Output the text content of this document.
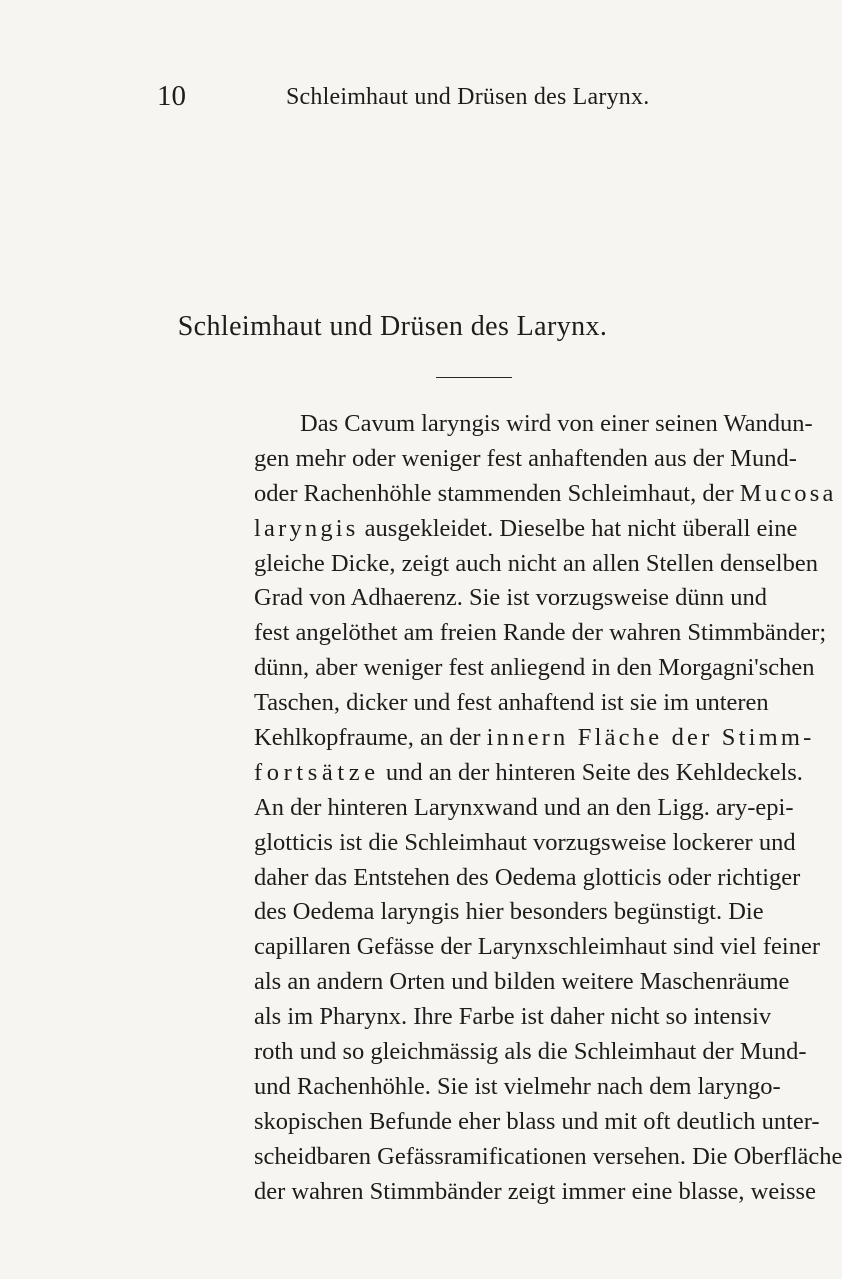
10	Schleimhaut und Drüsen des Larynx.
Schleimhaut und Drüsen des Larynx.
Das Cavum laryngis wird von einer seinen Wandun-
gen mehr oder weniger fest anhaftenden aus der Mund-
oder Rachenhöhle stammenden Schleimhaut, der Mucosa
laryngis ausgekleidet. Dieselbe hat nicht überall eine
gleiche Dicke, zeigt auch nicht an allen Stellen denselben
Grad von Adhaerenz. Sie ist vorzugsweise dünn und
fest angelöthet am freien Rande der wahren Stimmbänder;
dünn, aber weniger fest anliegend in den Morgagni'schen
Taschen, dicker und fest anhaftend ist sie im unteren
Kehlkopfraume, an der innern Fläche der Stimm-
fortsätze und an der hinteren Seite des Kehldeckels.
An der hinteren Larynxwand und an den Ligg. ary-epi-
glotticis ist die Schleimhaut vorzugsweise lockerer und
daher das Entstehen des Oedema glotticis oder richtiger
des Oedema laryngis hier besonders begünstigt. Die
capillaren Gefässe der Larynxschleimhaut sind viel feiner
als an andern Orten und bilden weitere Maschenräume
als im Pharynx. Ihre Farbe ist daher nicht so intensiv
roth und so gleichmässig als die Schleimhaut der Mund-
und Rachenhöhle. Sie ist vielmehr nach dem laryngo-
skopischen Befunde eher blass und mit oft deutlich unter-
scheidbaren Gefässramificationen versehen. Die Oberfläche
der wahren Stimmbänder zeigt immer eine blasse, weisse
